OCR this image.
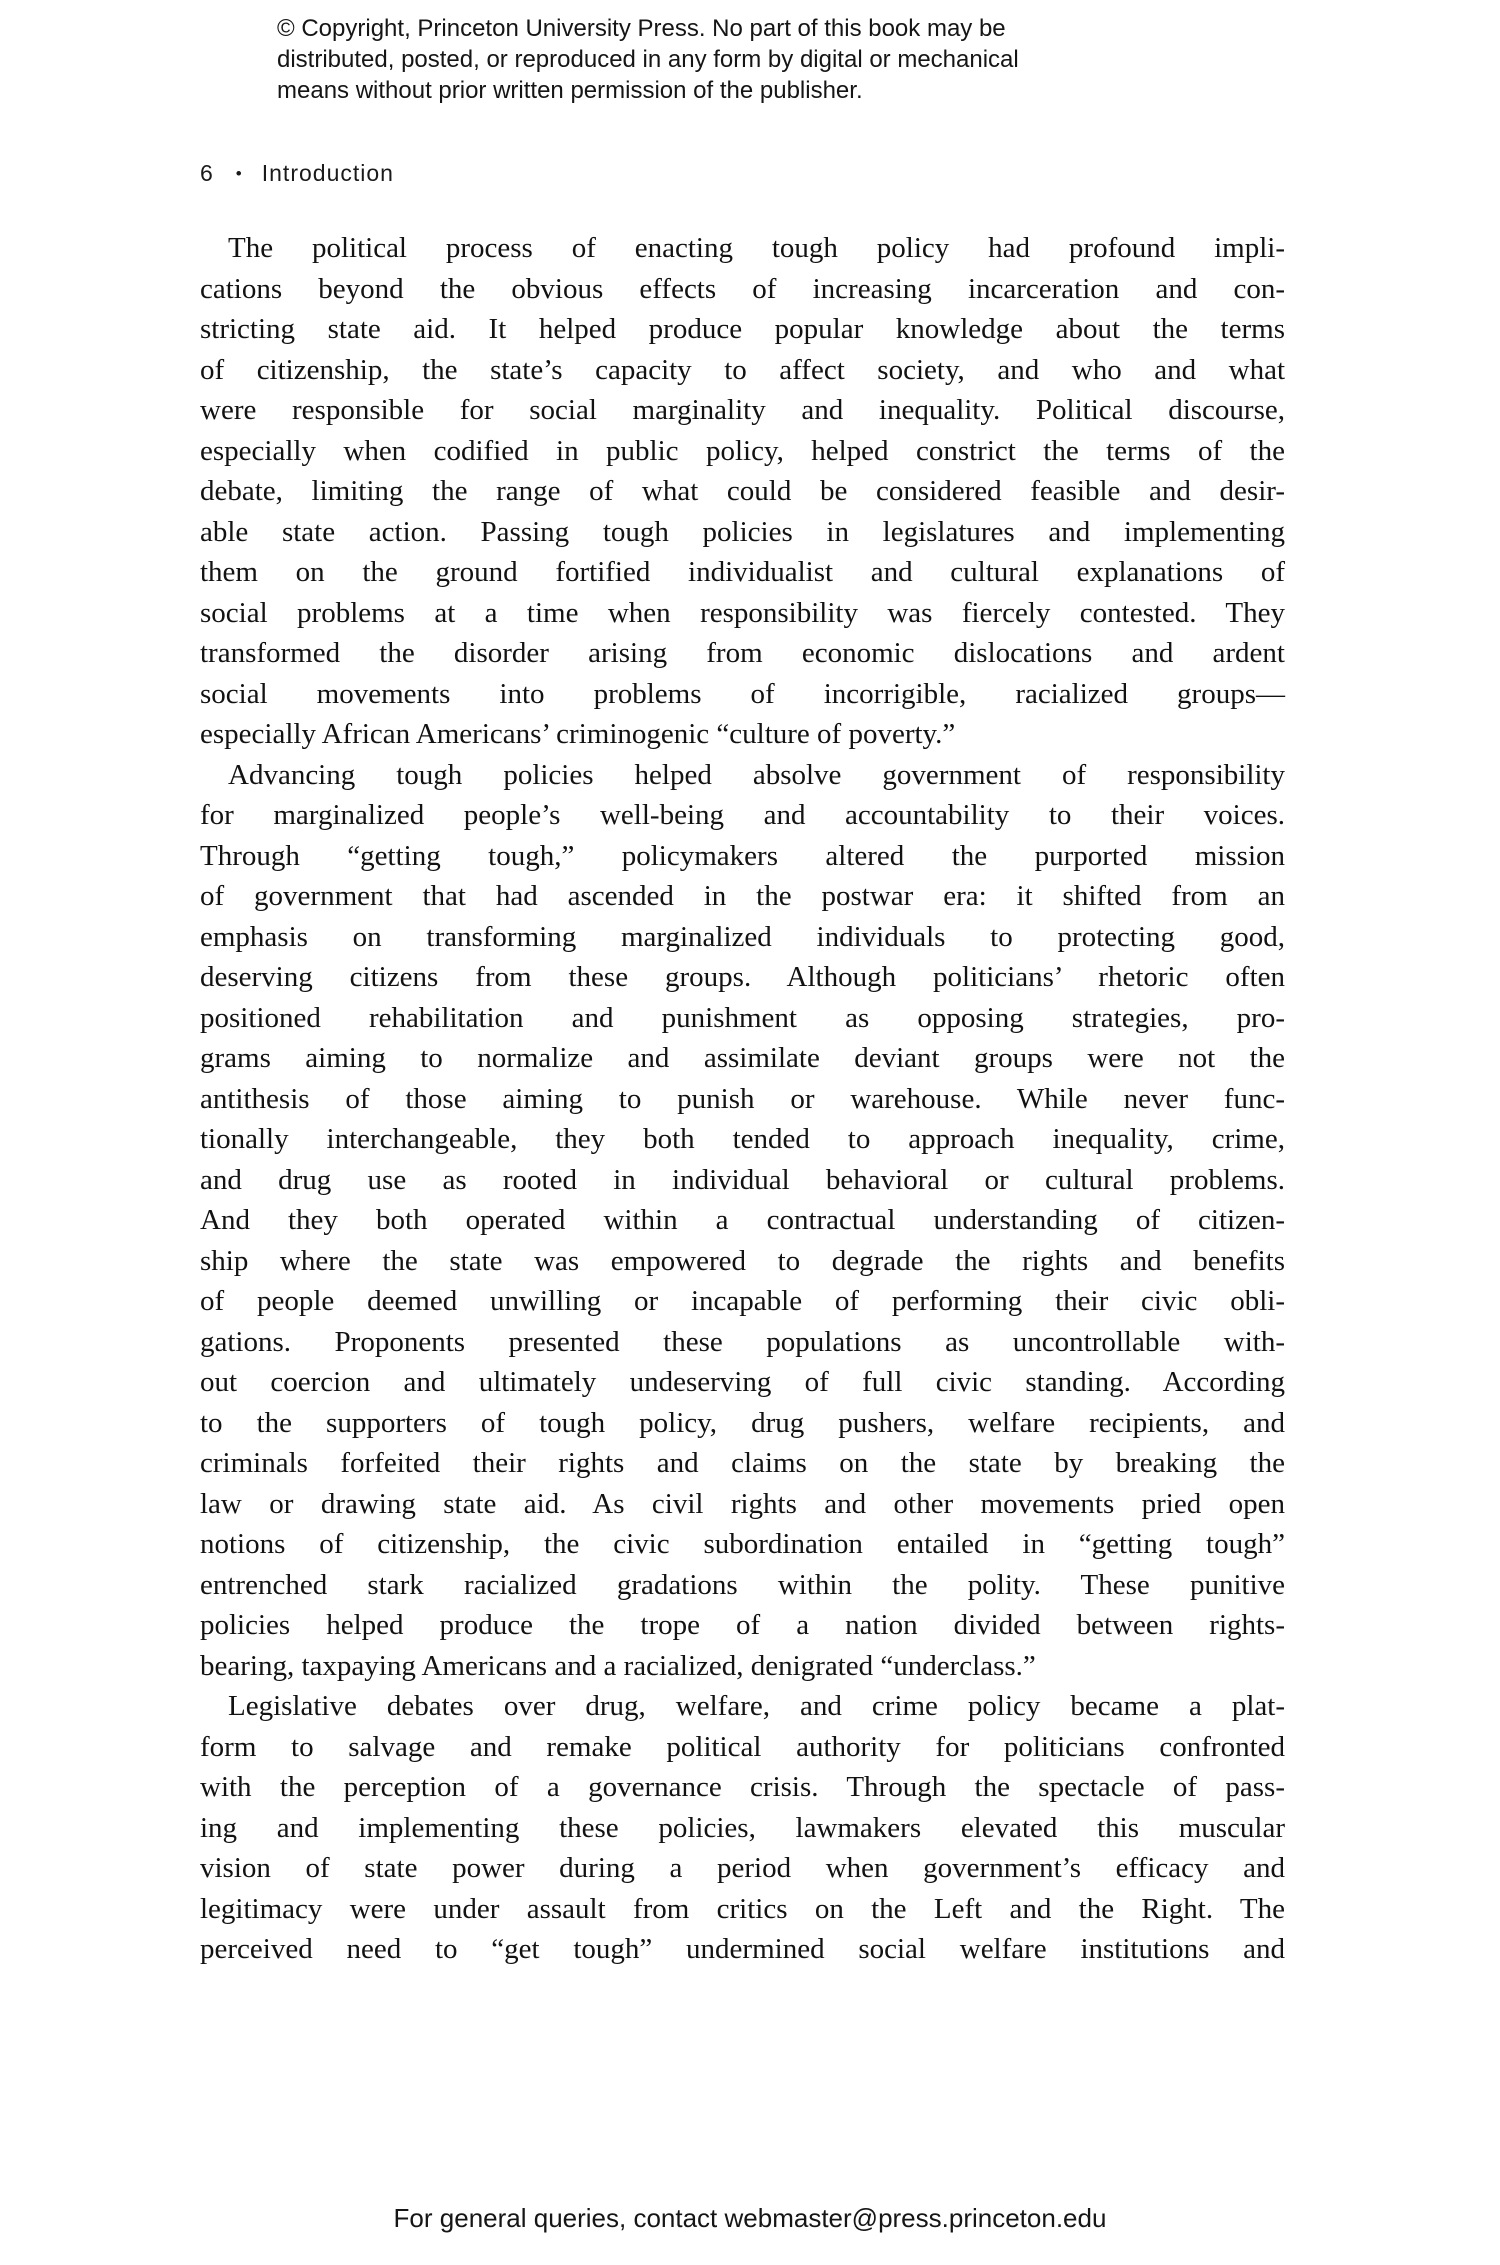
© Copyright, Princeton University Press. No part of this book may be
distributed, posted, or reproduced in any form by digital or mechanical
means without prior written permission of the publisher.
6 • Introduction
The political process of enacting tough policy had profound impli-
cations beyond the obvious effects of increasing incarceration and con-
stricting state aid. It helped produce popular knowledge about the terms
of citizenship, the state’s capacity to affect society, and who and what
were responsible for social marginality and inequality. Political discourse,
especially when codified in public policy, helped constrict the terms of the
debate, limiting the range of what could be considered feasible and desir-
able state action. Passing tough policies in legislatures and implementing
them on the ground fortified individualist and cultural explanations of
social problems at a time when responsibility was fiercely contested. They
transformed the disorder arising from economic dislocations and ardent
social movements into problems of incorrigible, racialized groups—
especially African Americans’ criminogenic “culture of poverty.”
Advancing tough policies helped absolve government of responsibility
for marginalized people’s well-being and accountability to their voices.
Through “getting tough,” policymakers altered the purported mission
of government that had ascended in the postwar era: it shifted from an
emphasis on transforming marginalized individuals to protecting good,
deserving citizens from these groups. Although politicians’ rhetoric often
positioned rehabilitation and punishment as opposing strategies, pro-
grams aiming to normalize and assimilate deviant groups were not the
antithesis of those aiming to punish or warehouse. While never func-
tionally interchangeable, they both tended to approach inequality, crime,
and drug use as rooted in individual behavioral or cultural problems.
And they both operated within a contractual understanding of citizen-
ship where the state was empowered to degrade the rights and benefits
of people deemed unwilling or incapable of performing their civic obli-
gations. Proponents presented these populations as uncontrollable with-
out coercion and ultimately undeserving of full civic standing. According
to the supporters of tough policy, drug pushers, welfare recipients, and
criminals forfeited their rights and claims on the state by breaking the
law or drawing state aid. As civil rights and other movements pried open
notions of citizenship, the civic subordination entailed in “getting tough”
entrenched stark racialized gradations within the polity. These punitive
policies helped produce the trope of a nation divided between rights-
bearing, taxpaying Americans and a racialized, denigrated “underclass.”
Legislative debates over drug, welfare, and crime policy became a plat-
form to salvage and remake political authority for politicians confronted
with the perception of a governance crisis. Through the spectacle of pass-
ing and implementing these policies, lawmakers elevated this muscular
vision of state power during a period when government’s efficacy and
legitimacy were under assault from critics on the Left and the Right. The
perceived need to “get tough” undermined social welfare institutions and
For general queries, contact webmaster@press.princeton.edu
